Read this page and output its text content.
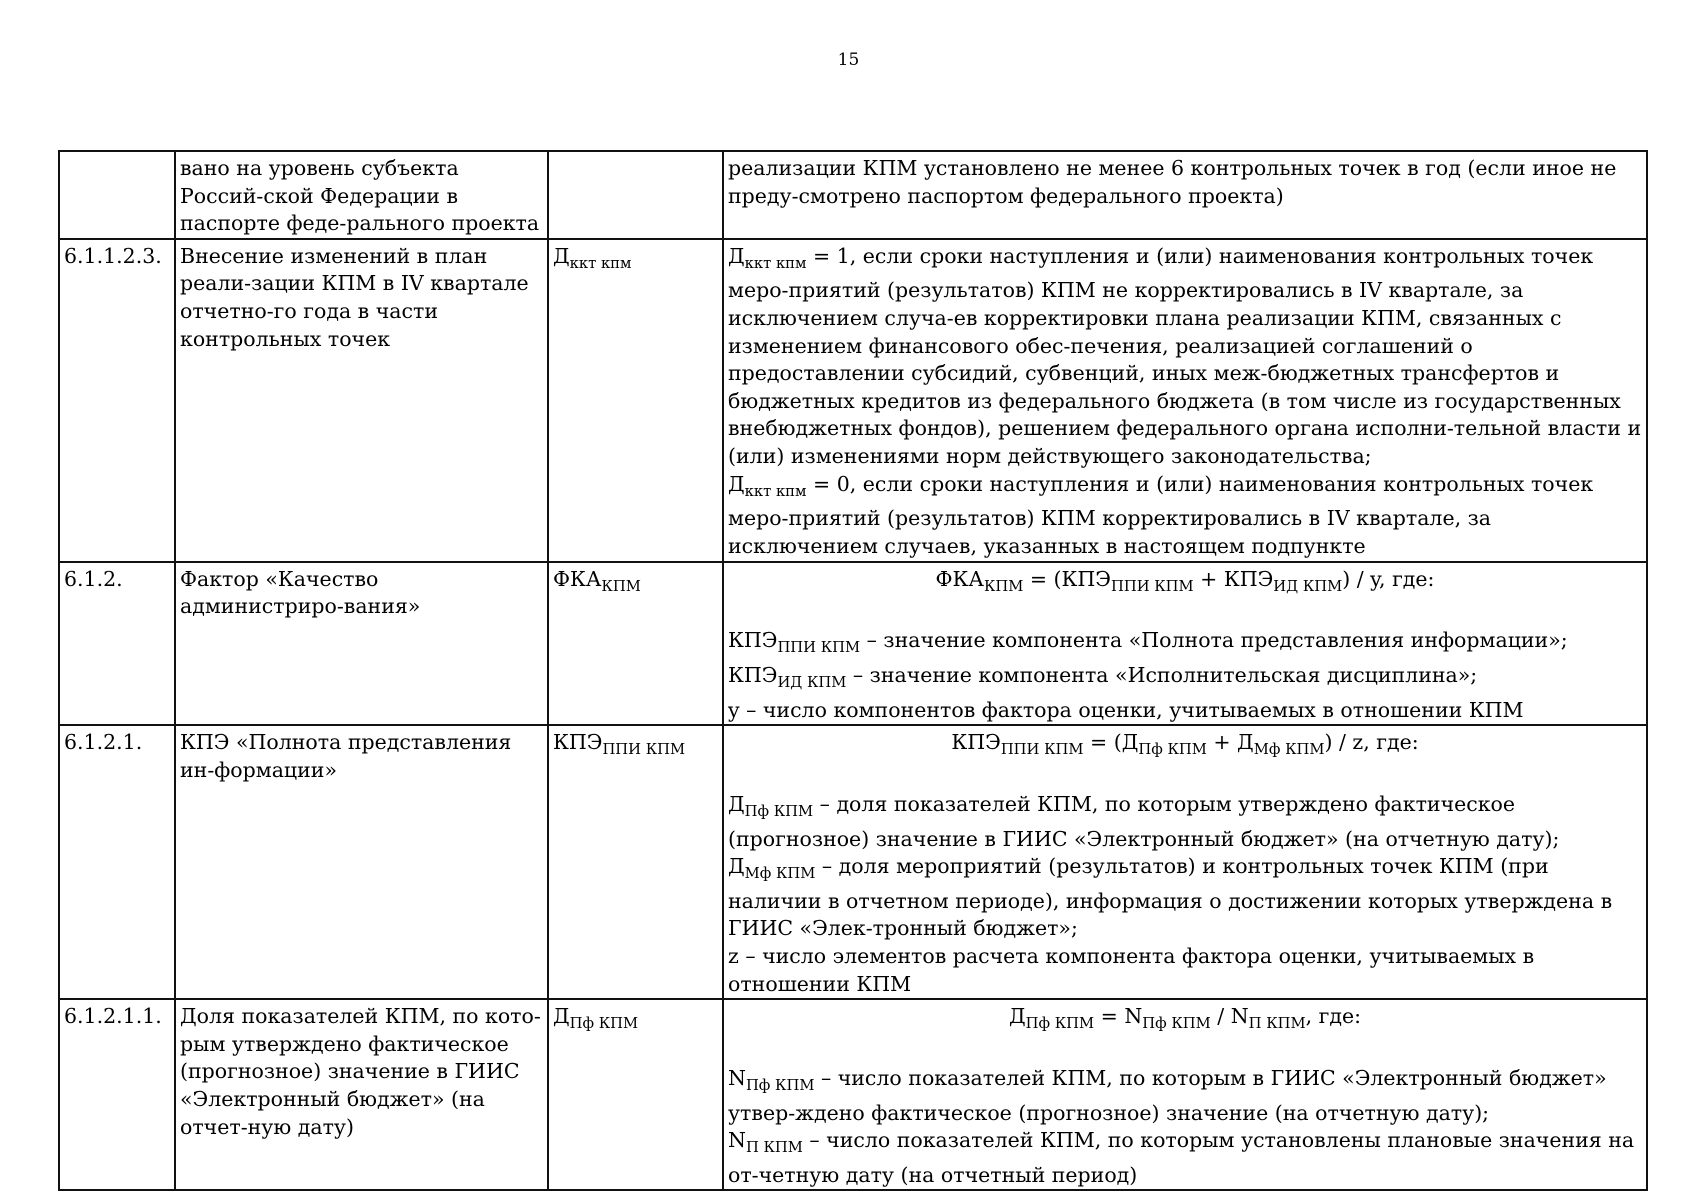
15
	вано на уровень субъекта Россий-ской Федерации в паспорте феде-рального проекта		реализации КПМ установлено не менее 6 контрольных точек в год (если иное не преду-смотрено паспортом федерального проекта)

6.1.1.2.3.	Внесение изменений в план реали-зации КПМ в IV квартале отчетно-го года в части контрольных точек	$Д_{ккт кпм}$	$Д_{ккт кпм} = 1$, если сроки наступления и (или) наименования контрольных точек меро-приятий (результатов) КПМ не корректировались в IV квартале, за исключением случа-ев корректировки плана реализации КПМ, связанных с изменением финансового обес-печения, реализацией соглашений о предоставлении субсидий, субвенций, иных меж-бюджетных трансфертов и бюджетных кредитов из федерального бюджета (в том числе из государственных внебюджетных фондов), решением федерального органа исполни-тельной власти и (или) изменениями норм действующего законодательства;
$Д_{ккт кпм} = 0$, если сроки наступления и (или) наименования контрольных точек меро-приятий (результатов) КПМ корректировались в IV квартале, за исключением случаев, указанных в настоящем подпункте

6.1.2.	Фактор «Качество администриро-вания»	$ФКА_{КПМ}$	$ФКА_{КПМ} = (КПЭ_{ППИ КПМ} + КПЭ_{ИД КПМ}) / y$, где:
$КПЭ_{ППИ КПМ}$ – значение компонента «Полнота представления информации»;
$КПЭ_{ИД КПМ}$ – значение компонента «Исполнительская дисциплина»;
y – число компонентов фактора оценки, учитываемых в отношении КПМ

6.1.2.1.	КПЭ «Полнота представления ин-формации»	$КПЭ_{ППИ КПМ}$	$КПЭ_{ППИ КПМ} = (Д_{Пф КПМ} + Д_{Мф КПМ}) / z$, где:
$Д_{Пф КПМ}$ – доля показателей КПМ, по которым утверждено фактическое (прогнозное) значение в ГИИС «Электронный бюджет» (на отчетную дату);
$Д_{Мф КПМ}$ – доля мероприятий (результатов) и контрольных точек КПМ (при наличии в отчетном периоде), информация о достижении которых утверждена в ГИИС «Элек-тронный бюджет»;
z – число элементов расчета компонента фактора оценки, учитываемых в отношении КПМ

6.1.2.1.1.	Доля показателей КПМ, по кото-рым утверждено фактическое (прогнозное) значение в ГИИС «Электронный бюджет» (на отчет-ную дату)	$Д_{Пф КПМ}$	$Д_{Пф КПМ} = N_{Пф КПМ} / N_{П КПМ}$, где:
$N_{Пф КПМ}$ – число показателей КПМ, по которым в ГИИС «Электронный бюджет» утвер-ждено фактическое (прогнозное) значение (на отчетную дату);
$N_{П КПМ}$ – число показателей КПМ, по которым установлены плановые значения на от-четную дату (на отчетный период)
